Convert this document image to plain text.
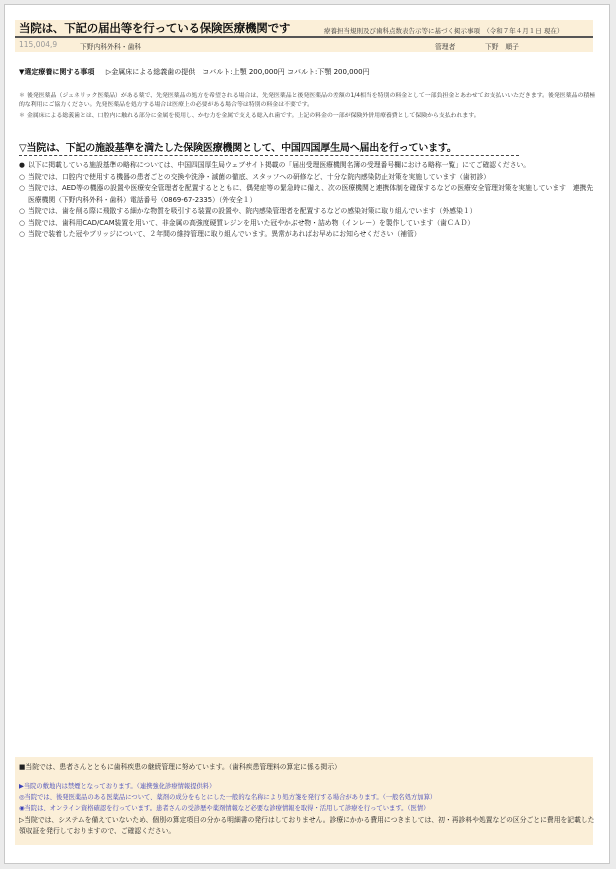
当院は、下記の届出等を行っている保険医療機関です	療養担当規則及び歯科点数表告示等に基づく掲示事項　（令和７年４月１日 現在）
115,004,9	下野内科外科・歯科	管理者	下野　順子
▼選定療養に関する事項 　 ▷金属床による総義歯の提供　コバルト:上顎 200,000円 コバルト:下顎 200,000円
＊ 後発医薬品（ジェネリック医薬品）がある薬で、先発医薬品の処方を希望される場合は、先発医薬品と後発医薬品の差額の1/4相当を特別の料金として一部負担金とあわせてお支払いいただきます。後発医薬品の積極的な利用にご協力ください。先発医薬品を処方する場合は医療上の必要がある場合等は特別の料金は不要です。
＊ 金属床による総義歯とは、口腔内に触れる部分に金属を使用し、かむ力を金属で支える総入れ歯です。上記の料金の一部が保険外併用療養費として保険から支払われます。
▽当院は、下記の施設基準を満たした保険医療機関として、中国四国厚生局へ届出を行っています。
● 以下に掲載している施設基準の略称については、中国四国厚生局ウェブサイト掲載の「届出受理医療機関名簿の受理番号欄における略称一覧」にてご確認ください。
○ 当院では、口腔内で使用する機器の患者ごとの交換や洗浄・滅菌の徹底、スタッフへの研修など、十分な院内感染防止対策を実施しています（歯初診）
○ 当院では、AED等の機器の設置や医療安全管理者を配置するとともに、偶発症等の緊急時に備え、次の医療機関と連携体制を確保するなどの医療安全管理対策を実施しています　連携先医療機関（下野内科外科・歯科）電話番号（0869-67-2335）（外安全１）
○ 当院では、歯を削る際に飛散する細かな物質を吸引する装置の設置や、院内感染管理者を配置するなどの感染対策に取り組んでいます（外感染１）
○ 当院では、歯科用CAD/CAM装置を用いて、非金属の高強度硬質レジンを用いた冠やかぶせ物・詰め物（インレー）を製作しています（歯ＣＡＤ）
○ 当院で装着した冠やブリッジについて、２年間の維持管理に取り組んでいます。異常があればお早めにお知らせください（補管）
■当院では、患者さんとともに歯科疾患の継続管理に努めています。（歯科疾患管理料の算定に係る掲示）
▶当院の敷地内は禁煙となっております。（連携強化診療情報提供料）
◎当院では、後発医薬品のある医薬品について、薬剤の成分をもとにした一般的な名称により処方箋を発行する場合があります。（一般名処方加算）
◉当院は、オンライン資格確認を行っています。患者さんの受診歴や薬剤情報など必要な診療情報を取得・活用して診療を行っています。（医情）
▷当院では、システムを備えていないため、個別の算定項目の分かる明細書の発行はしておりません。診療にかかる費用につきましては、初・再診料や処置などの区分ごとに費用を記載した領収証を発行しておりますので、ご確認ください。
